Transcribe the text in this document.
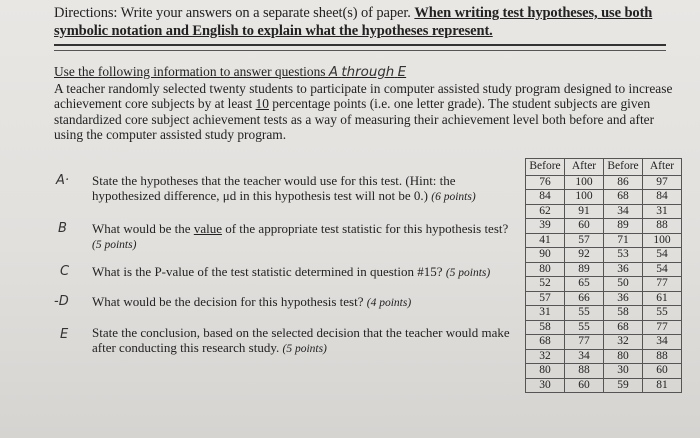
Directions: Write your answers on a separate sheet(s) of paper. When writing test hypotheses, use both symbolic notation and English to explain what the hypotheses represent.
Use the following information to answer questions A through E
A teacher randomly selected twenty students to participate in computer assisted study program designed to increase achievement core subjects by at least 10 percentage points (i.e. one letter grade). The student subjects are given standardized core subject achievement tests as a way of measuring their achievement level both before and after using the computer assisted study program.
A· State the hypotheses that the teacher would use for this test. (Hint: the hypothesized difference, μd in this hypothesis test will not be 0.) (6 points)
B What would be the value of the appropriate test statistic for this hypothesis test?
(5 points)
C What is the P-value of the test statistic determined in question #15? (5 points)
-D What would be the decision for this hypothesis test? (4 points)
E State the conclusion, based on the selected decision that the teacher would make after conducting this research study. (5 points)
Before	After	Before	After
76	100	86	97
84	100	68	84
62	91	34	31
39	60	89	88
41	57	71	100
90	92	53	54
80	89	36	54
52	65	50	77
57	66	36	61
31	55	58	55
58	55	68	77
68	77	32	34
32	34	80	88
80	88	30	60
30	60	59	81
